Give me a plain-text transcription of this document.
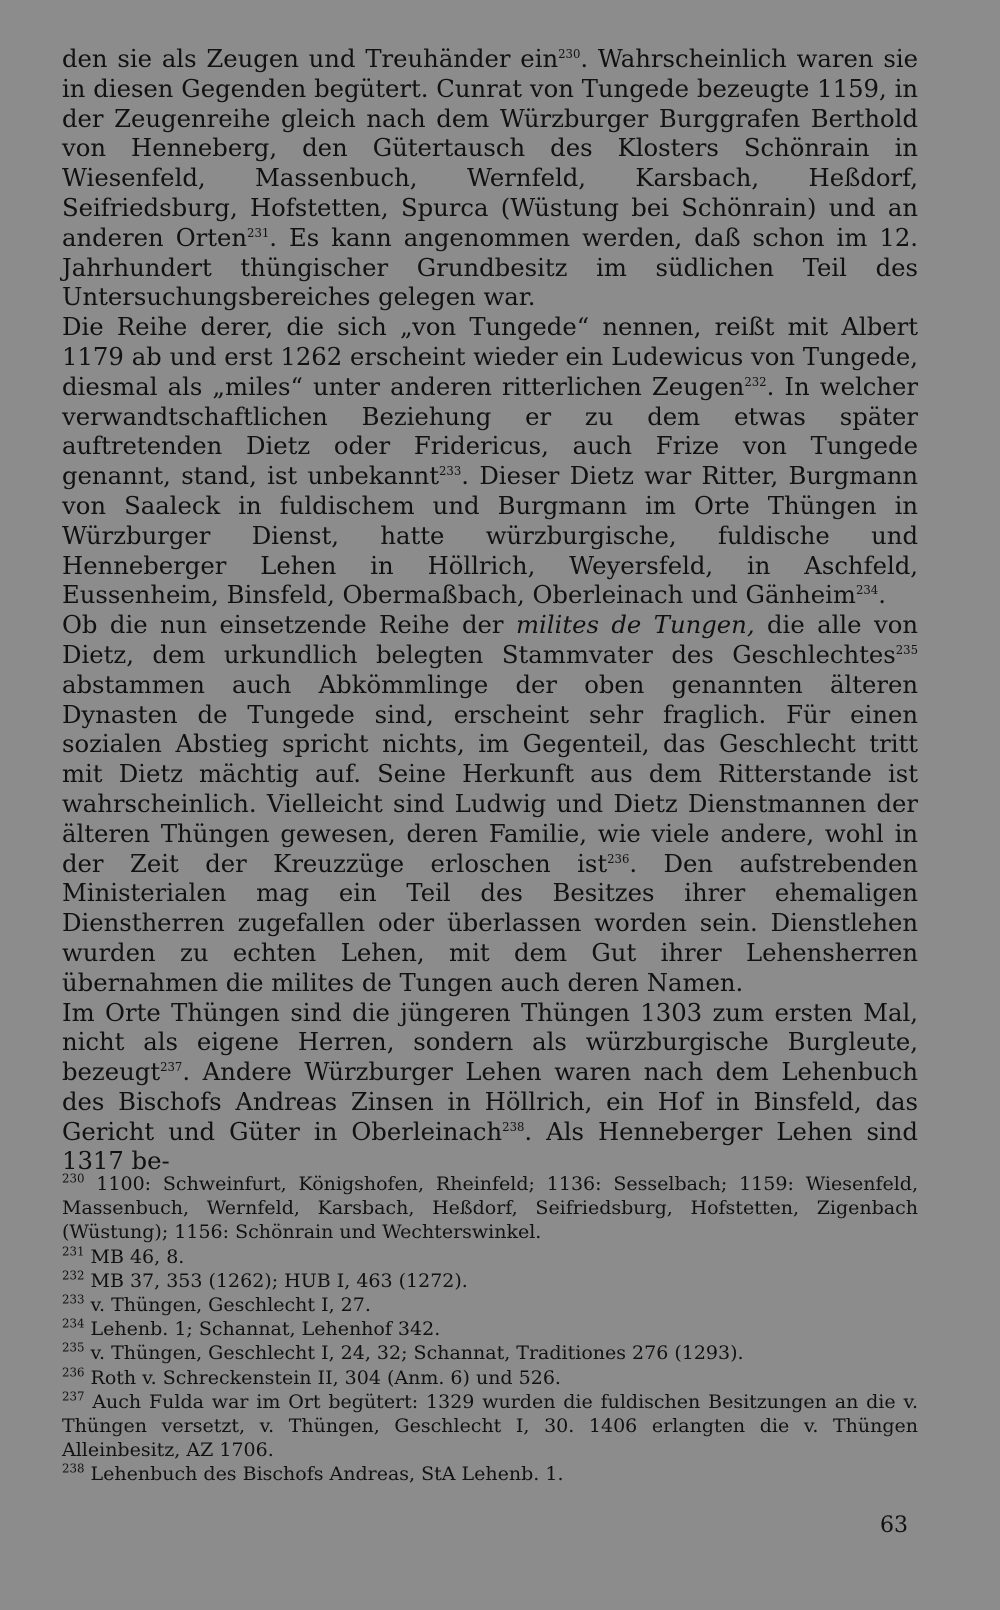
den sie als Zeugen und Treuhänder ein$^{230}$. Wahrscheinlich waren sie in diesen Gegenden begütert. Cunrat von Tungede bezeugte 1159, in der Zeugenreihe gleich nach dem Würzburger Burggrafen Berthold von Henneberg, den Gütertausch des Klosters Schönrain in Wiesenfeld, Massenbuch, Wernfeld, Karsbach, Heßdorf, Seifriedsburg, Hofstetten, Spurca (Wüstung bei Schönrain) und an anderen Orten$^{231}$. Es kann angenommen werden, daß schon im 12. Jahrhundert thüngischer Grundbesitz im südlichen Teil des Untersuchungsbereiches gelegen war.

Die Reihe derer, die sich „von Tungede“ nennen, reißt mit Albert 1179 ab und erst 1262 erscheint wieder ein Ludewicus von Tungede, diesmal als „miles“ unter anderen ritterlichen Zeugen$^{232}$. In welcher verwandtschaftlichen Beziehung er zu dem etwas später auftretenden Dietz oder Fridericus, auch Frize von Tungede genannt, stand, ist unbekannt$^{233}$. Dieser Dietz war Ritter, Burgmann von Saaleck in fuldischem und Burgmann im Orte Thüngen in Würzburger Dienst, hatte würzburgische, fuldische und Henneberger Lehen in Höllrich, Weyersfeld, in Aschfeld, Eussenheim, Binsfeld, Obermaßbach, Oberleinach und Gänheim$^{234}$.

Ob die nun einsetzende Reihe der milites de Tungen, die alle von Dietz, dem urkundlich belegten Stammvater des Geschlechtes$^{235}$ abstammen auch Abkömmlinge der oben genannten älteren Dynasten de Tungede sind, erscheint sehr fraglich. Für einen sozialen Abstieg spricht nichts, im Gegenteil, das Geschlecht tritt mit Dietz mächtig auf. Seine Herkunft aus dem Ritterstande ist wahrscheinlich. Vielleicht sind Ludwig und Dietz Dienstmannen der älteren Thüngen gewesen, deren Familie, wie viele andere, wohl in der Zeit der Kreuzzüge erloschen ist$^{236}$. Den aufstrebenden Ministerialen mag ein Teil des Besitzes ihrer ehemaligen Dienstherren zugefallen oder überlassen worden sein. Dienstlehen wurden zu echten Lehen, mit dem Gut ihrer Lehensherren übernahmen die milites de Tungen auch deren Namen.

Im Orte Thüngen sind die jüngeren Thüngen 1303 zum ersten Mal, nicht als eigene Herren, sondern als würzburgische Burgleute, bezeugt$^{237}$. Andere Würzburger Lehen waren nach dem Lehenbuch des Bischofs Andreas Zinsen in Höllrich, ein Hof in Binsfeld, das Gericht und Güter in Oberleinach$^{238}$. Als Henneberger Lehen sind 1317 be-

$^{230}$ 1100: Schweinfurt, Königshofen, Rheinfeld; 1136: Sesselbach; 1159: Wiesenfeld, Massenbuch, Wernfeld, Karsbach, Heßdorf, Seifriedsburg, Hofstetten, Zigenbach (Wüstung); 1156: Schönrain und Wechterswinkel.

$^{231}$ MB 46, 8.

$^{232}$ MB 37, 353 (1262); HUB I, 463 (1272).

$^{233}$ v. Thüngen, Geschlecht I, 27.

$^{234}$ Lehenb. 1; Schannat, Lehenhof 342.

$^{235}$ v. Thüngen, Geschlecht I, 24, 32; Schannat, Traditiones 276 (1293).

$^{236}$ Roth v. Schreckenstein II, 304 (Anm. 6) und 526.

$^{237}$ Auch Fulda war im Ort begütert: 1329 wurden die fuldischen Besitzungen an die v. Thüngen versetzt, v. Thüngen, Geschlecht I, 30. 1406 erlangten die v. Thüngen Alleinbesitz, AZ 1706.

$^{238}$ Lehenbuch des Bischofs Andreas, StA Lehenb. 1.

63
